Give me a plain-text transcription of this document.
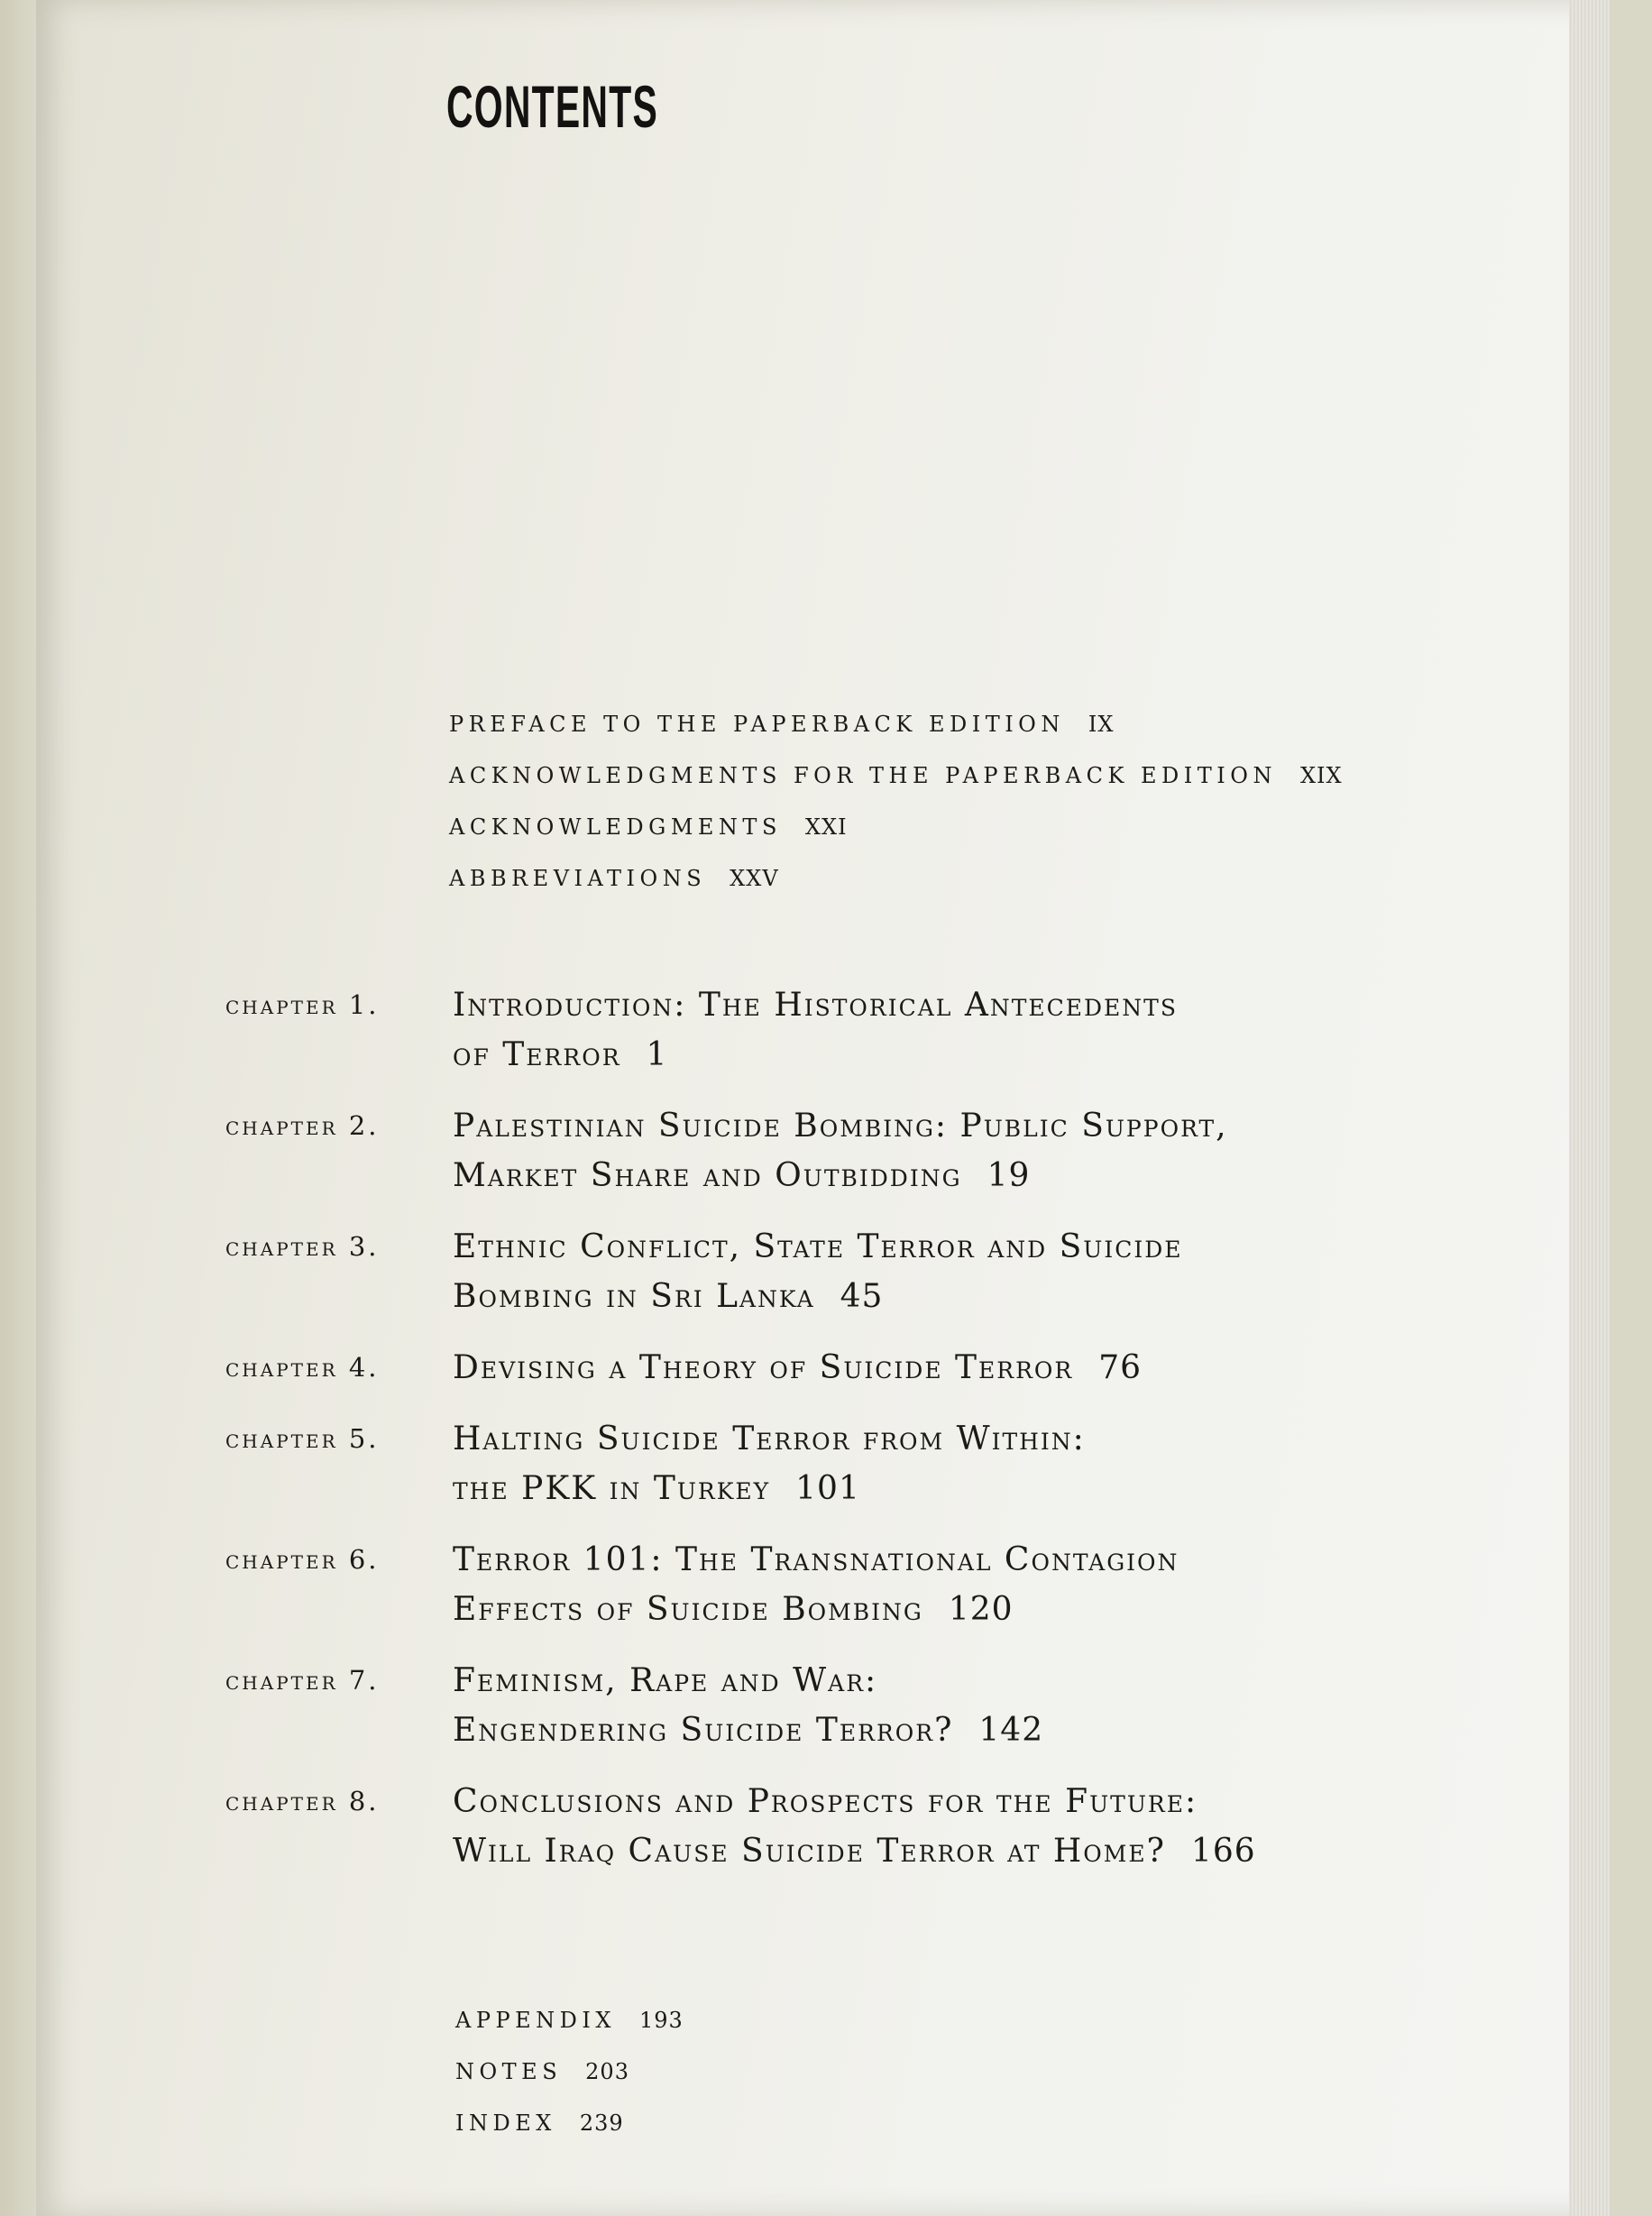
CONTENTS
PREFACE TO THE PAPERBACK EDITION IX
ACKNOWLEDGMENTS FOR THE PAPERBACK EDITION XIX
ACKNOWLEDGMENTS XXI
ABBREVIATIONS XXV
chapter 1. Introduction: The Historical Antecedents
of Terror 1
chapter 2. Palestinian Suicide Bombing: Public Support,
Market Share and Outbidding 19
chapter 3. Ethnic Conflict, State Terror and Suicide
Bombing in Sri Lanka 45
chapter 4. Devising a Theory of Suicide Terror 76
chapter 5. Halting Suicide Terror from Within:
the PKK in Turkey 101
chapter 6. Terror 101: The Transnational Contagion
Effects of Suicide Bombing 120
chapter 7. Feminism, Rape and War:
Engendering Suicide Terror? 142
chapter 8. Conclusions and Prospects for the Future:
Will Iraq Cause Suicide Terror at Home? 166
APPENDIX 193
NOTES 203
INDEX 239
